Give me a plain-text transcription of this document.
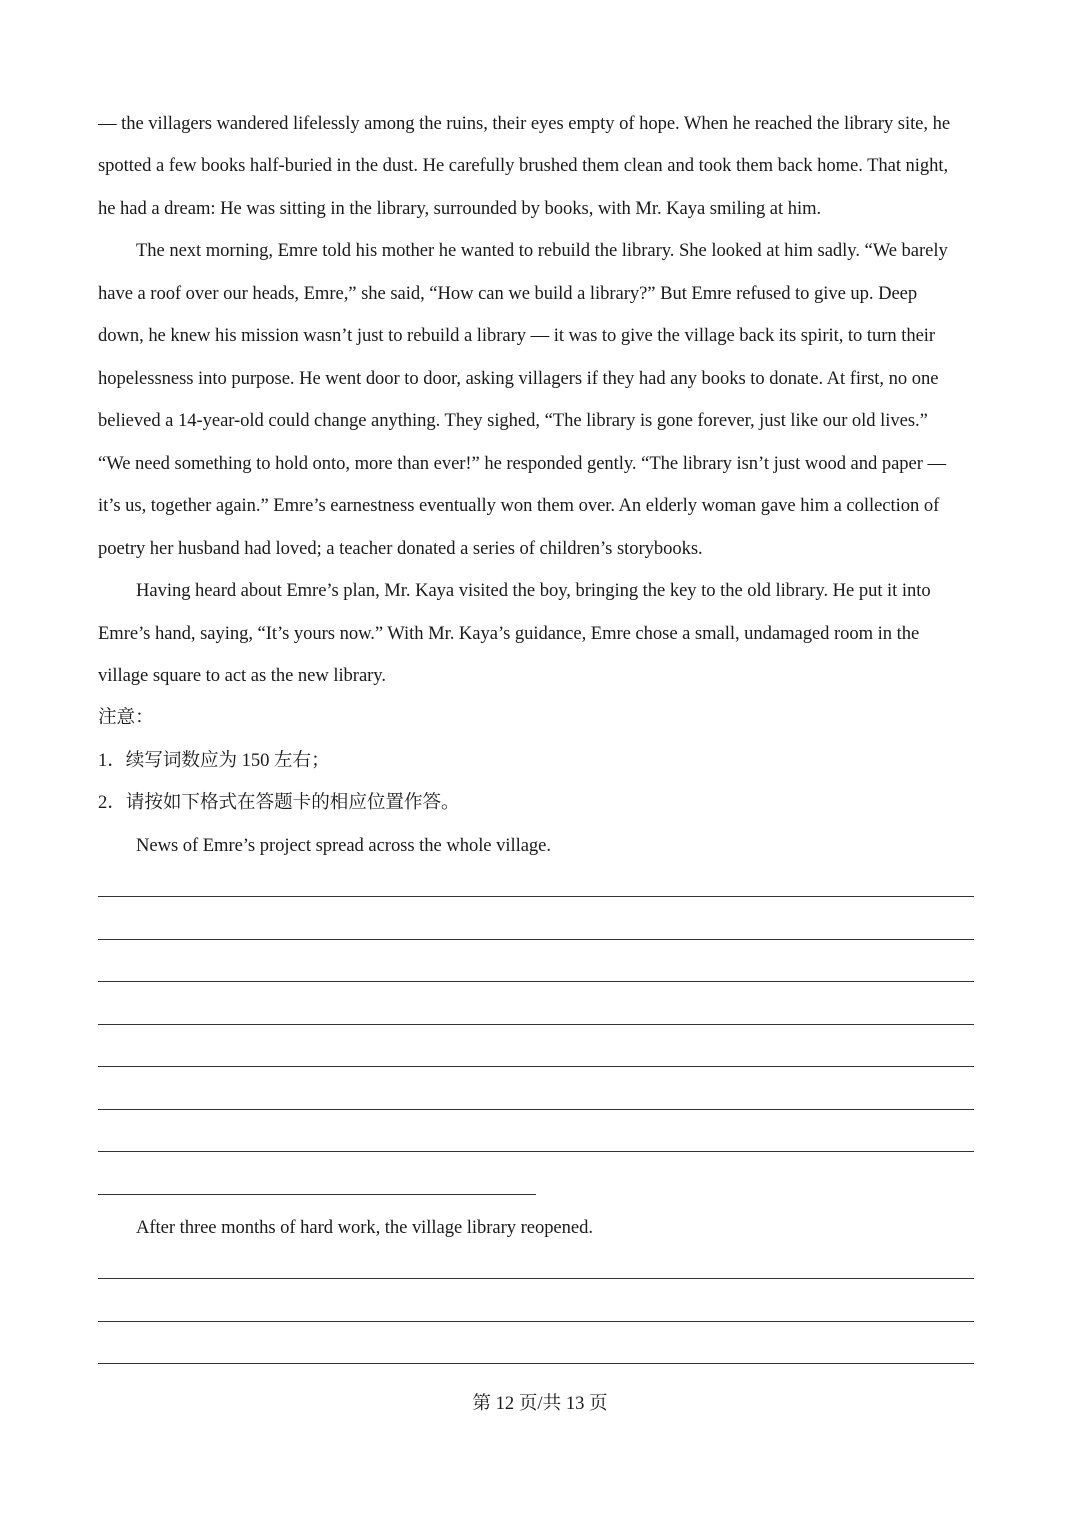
— the villagers wandered lifelessly among the ruins, their eyes empty of hope. When he reached the library site, he
spotted a few books half-buried in the dust. He carefully brushed them clean and took them back home. That night,
he had a dream: He was sitting in the library, surrounded by books, with Mr. Kaya smiling at him.
The next morning, Emre told his mother he wanted to rebuild the library. She looked at him sadly. “We barely
have a roof over our heads, Emre,” she said, “How can we build a library?” But Emre refused to give up. Deep
down, he knew his mission wasn’t just to rebuild a library — it was to give the village back its spirit, to turn their
hopelessness into purpose. He went door to door, asking villagers if they had any books to donate. At first, no one
believed a 14-year-old could change anything. They sighed, “The library is gone forever, just like our old lives.”
“We need something to hold onto, more than ever!” he responded gently. “The library isn’t just wood and paper —
it’s us, together again.” Emre’s earnestness eventually won them over. An elderly woman gave him a collection of
poetry her husband had loved; a teacher donated a series of children’s storybooks.
Having heard about Emre’s plan, Mr. Kaya visited the boy, bringing the key to the old library. He put it into
Emre’s hand, saying, “It’s yours now.” With Mr. Kaya’s guidance, Emre chose a small, undamaged room in the
village square to act as the new library.
注意：
1．续写词数应为 150 左右；
2．请按如下格式在答题卡的相应位置作答。
News of Emre’s project spread across the whole village.
After three months of hard work, the village library reopened.
第 12 页/共 13 页
